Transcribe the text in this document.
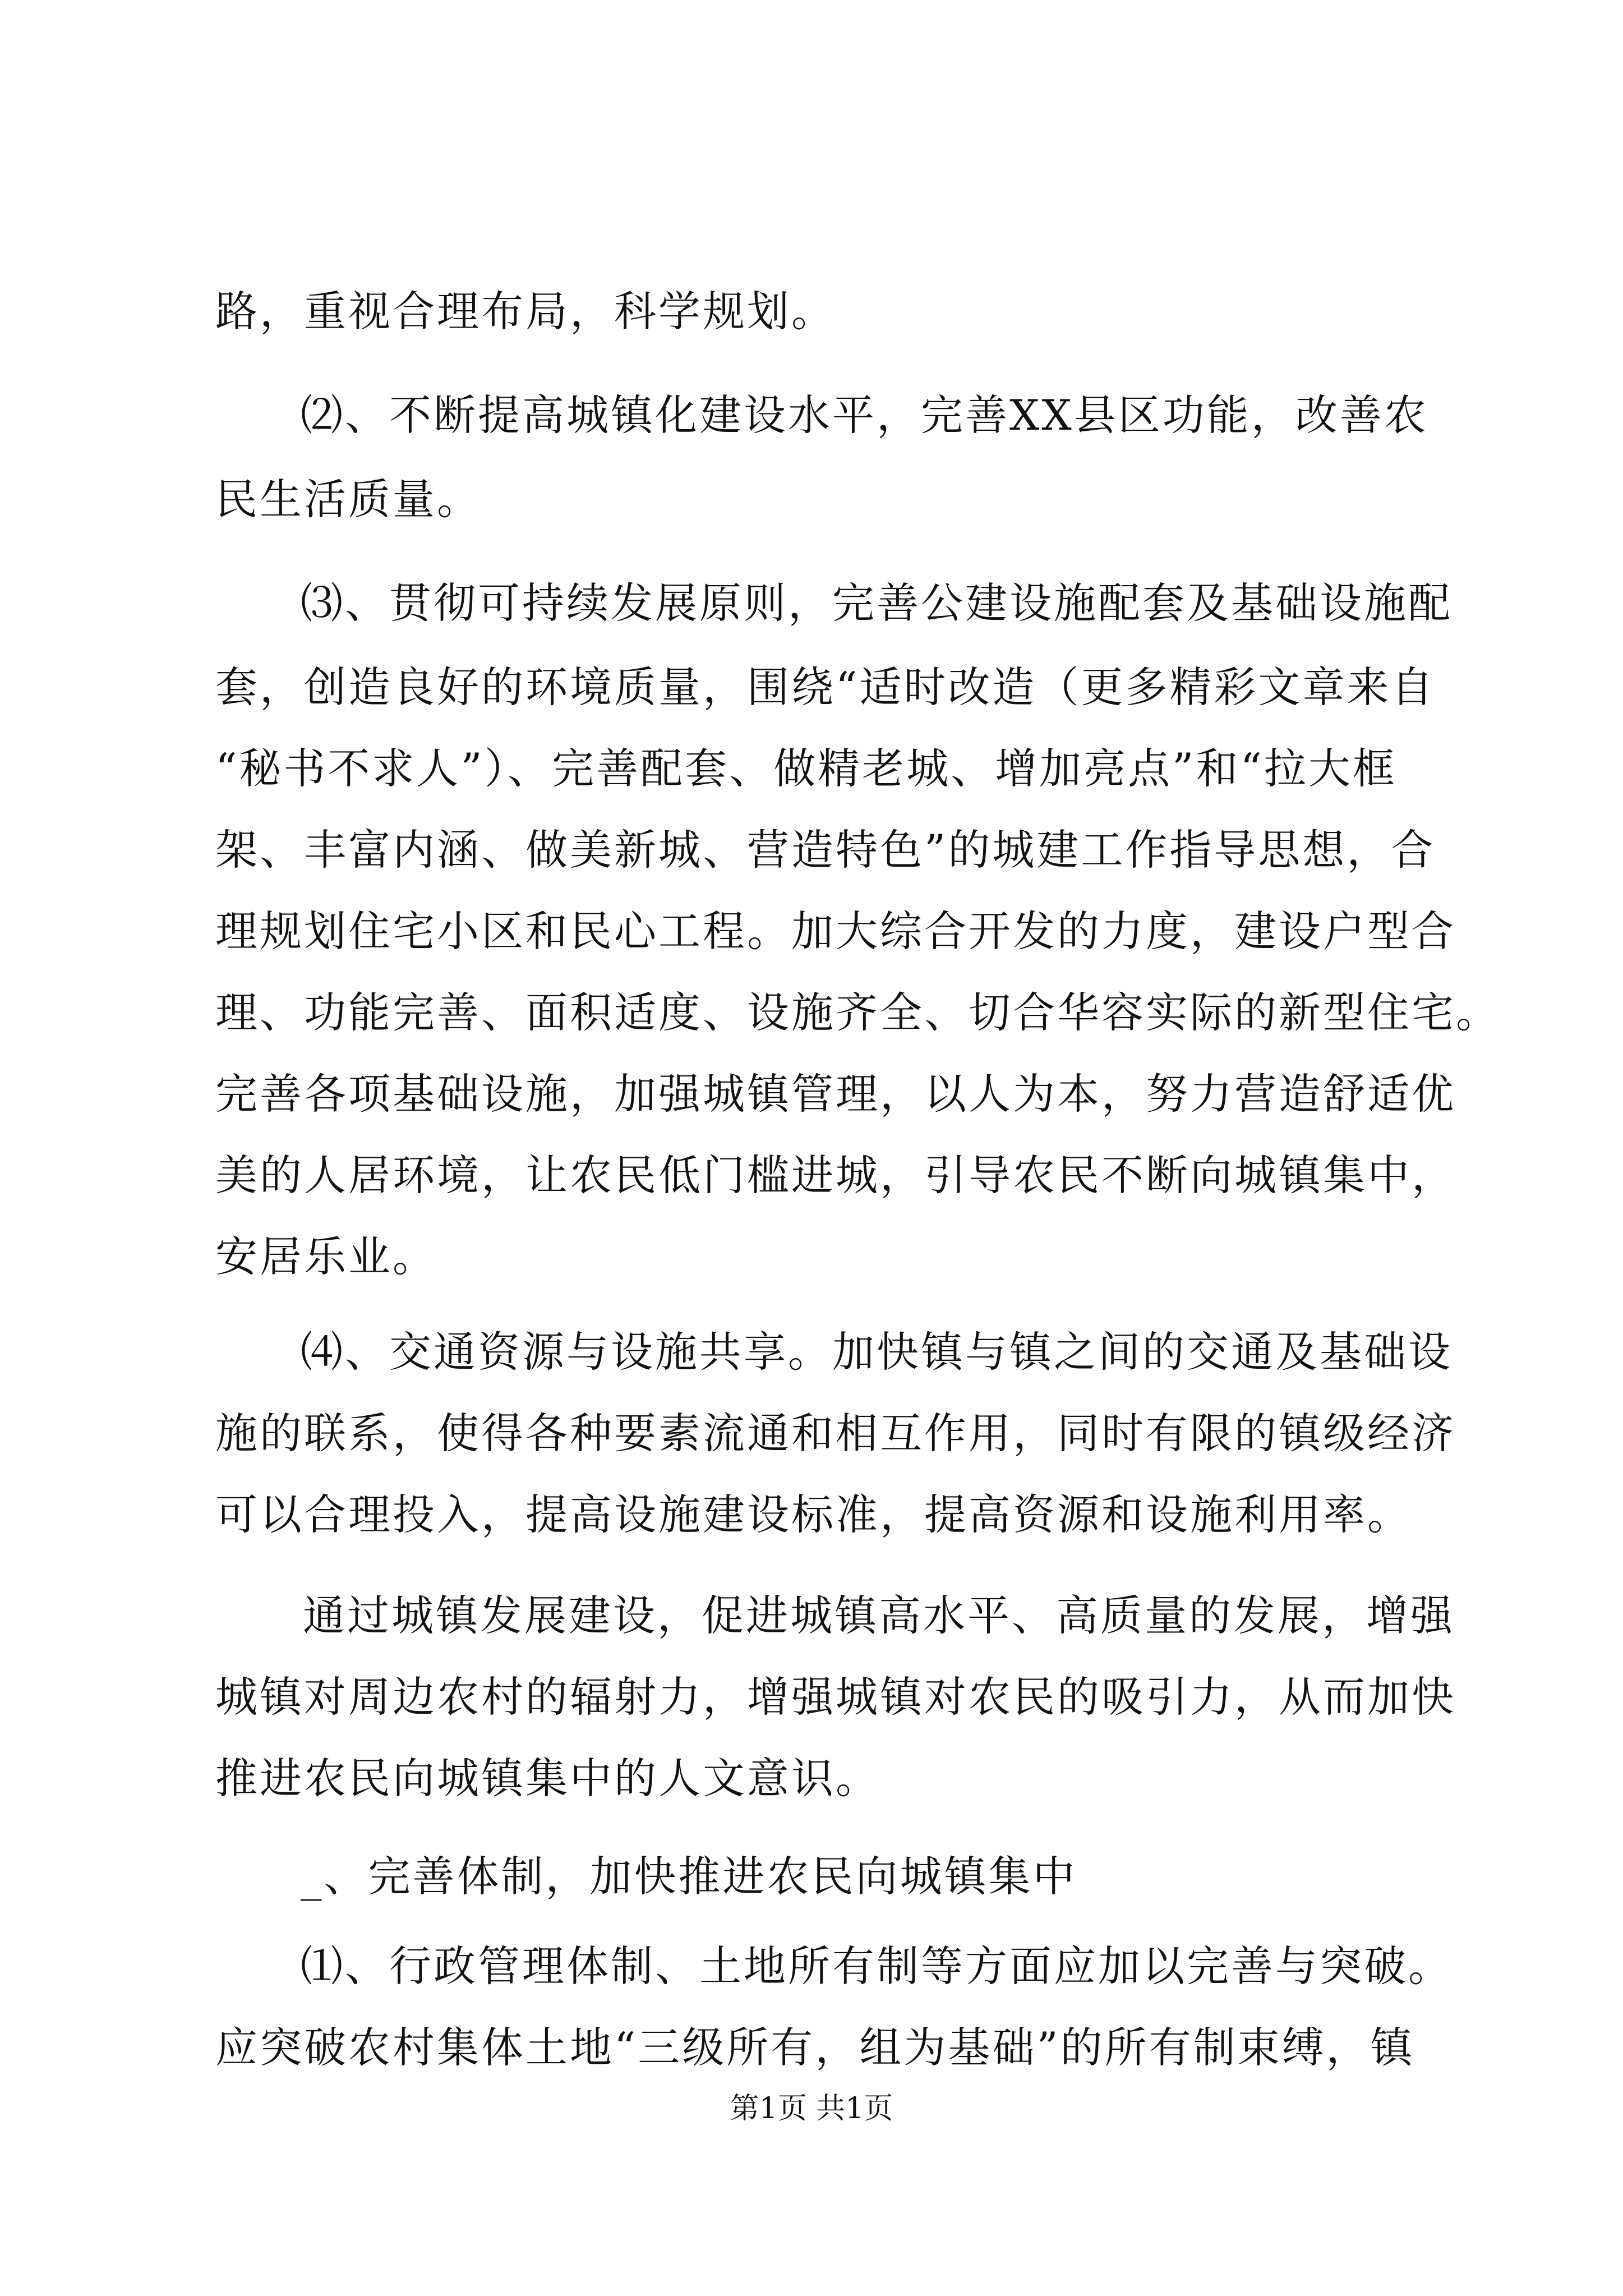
路，重视合理布局，科学规划。
⑵、不断提高城镇化建设水平，完善XX县区功能，改善农
民生活质量。
⑶、贯彻可持续发展原则，完善公建设施配套及基础设施配
套，创造良好的环境质量，围绕“适时改造（更多精彩文章来自
“秘书不求人”）、完善配套、做精老城、增加亮点”和“拉大框
架、丰富内涵、做美新城、营造特色”的城建工作指导思想，合
理规划住宅小区和民心工程。加大综合开发的力度，建设户型合
理、功能完善、面积适度、设施齐全、切合华容实际的新型住宅。
完善各项基础设施，加强城镇管理，以人为本，努力营造舒适优
美的人居环境，让农民低门槛进城，引导农民不断向城镇集中，
安居乐业。
⑷、交通资源与设施共享。加快镇与镇之间的交通及基础设
施的联系，使得各种要素流通和相互作用，同时有限的镇级经济
可以合理投入，提高设施建设标准，提高资源和设施利用率。
通过城镇发展建设，促进城镇高水平、高质量的发展，增强
城镇对周边农村的辐射力，增强城镇对农民的吸引力，从而加快
推进农民向城镇集中的人文意识。
_、完善体制，加快推进农民向城镇集中
⑴、行政管理体制、土地所有制等方面应加以完善与突破。
应突破农村集体土地“三级所有，组为基础”的所有制束缚，镇
第1页 共1页
